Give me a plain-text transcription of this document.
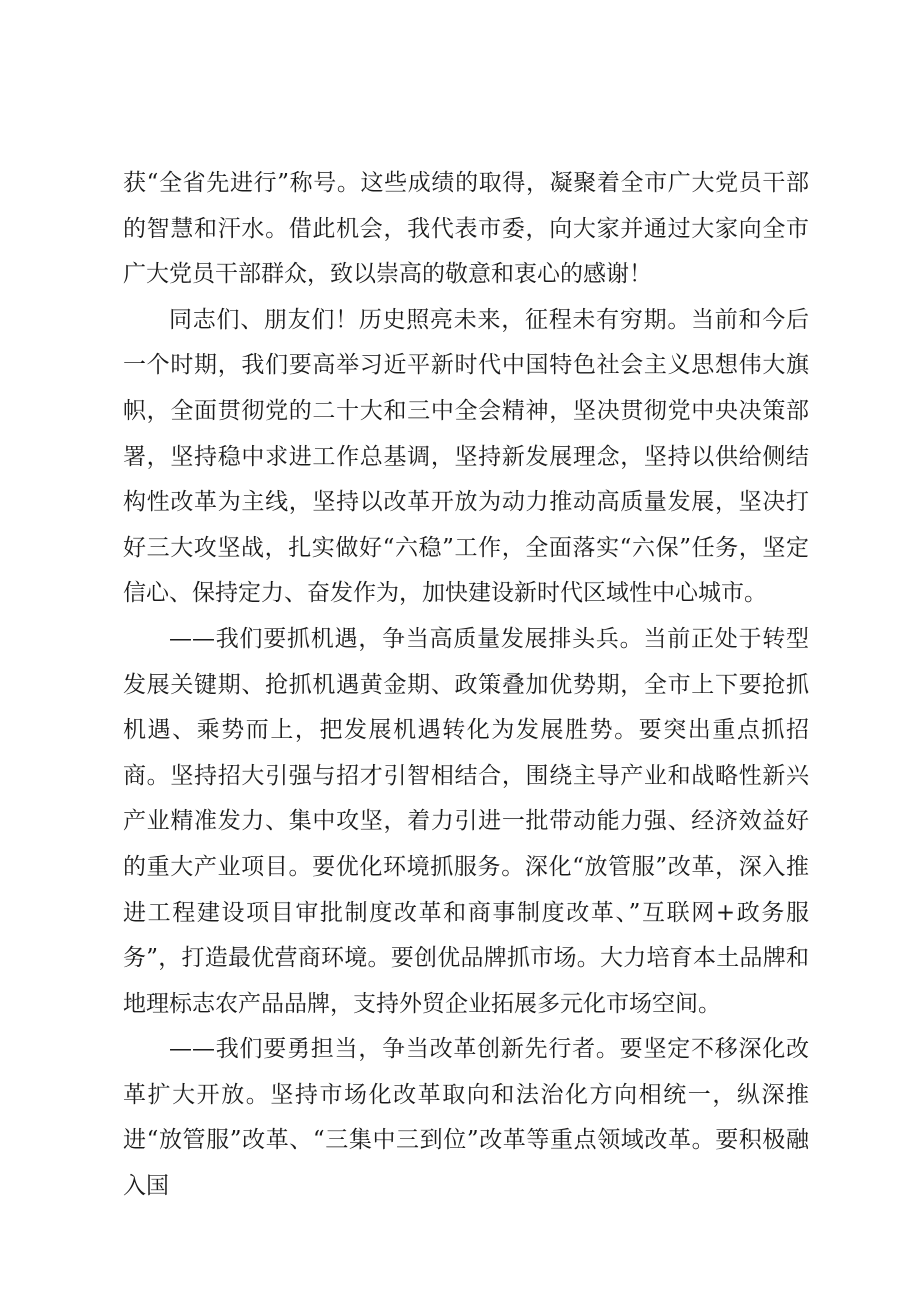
获“全省先进行”称号。这些成绩的取得，凝聚着全市广大党员干部的智慧和汗水。借此机会，我代表市委，向大家并通过大家向全市广大党员干部群众，致以崇高的敬意和衷心的感谢！

同志们、朋友们！历史照亮未来，征程未有穷期。当前和今后一个时期，我们要高举习近平新时代中国特色社会主义思想伟大旗帜，全面贯彻党的二十大和三中全会精神，坚决贯彻党中央决策部署，坚持稳中求进工作总基调，坚持新发展理念，坚持以供给侧结构性改革为主线，坚持以改革开放为动力推动高质量发展，坚决打好三大攻坚战，扎实做好“六稳”工作，全面落实“六保”任务，坚定信心、保持定力、奋发作为，加快建设新时代区域性中心城市。

——我们要抓机遇，争当高质量发展排头兵。当前正处于转型发展关键期、抢抓机遇黄金期、政策叠加优势期，全市上下要抢抓机遇、乘势而上，把发展机遇转化为发展胜势。要突出重点抓招商。坚持招大引强与招才引智相结合，围绕主导产业和战略性新兴产业精准发力、集中攻坚，着力引进一批带动能力强、经济效益好的重大产业项目。要优化环境抓服务。深化“放管服”改革，深入推进工程建设项目审批制度改革和商事制度改革、”互联网+政务服务”，打造最优营商环境。要创优品牌抓市场。大力培育本土品牌和地理标志农产品品牌，支持外贸企业拓展多元化市场空间。

——我们要勇担当，争当改革创新先行者。要坚定不移深化改革扩大开放。坚持市场化改革取向和法治化方向相统一，纵深推进“放管服”改革、“三集中三到位”改革等重点领域改革。要积极融入国
